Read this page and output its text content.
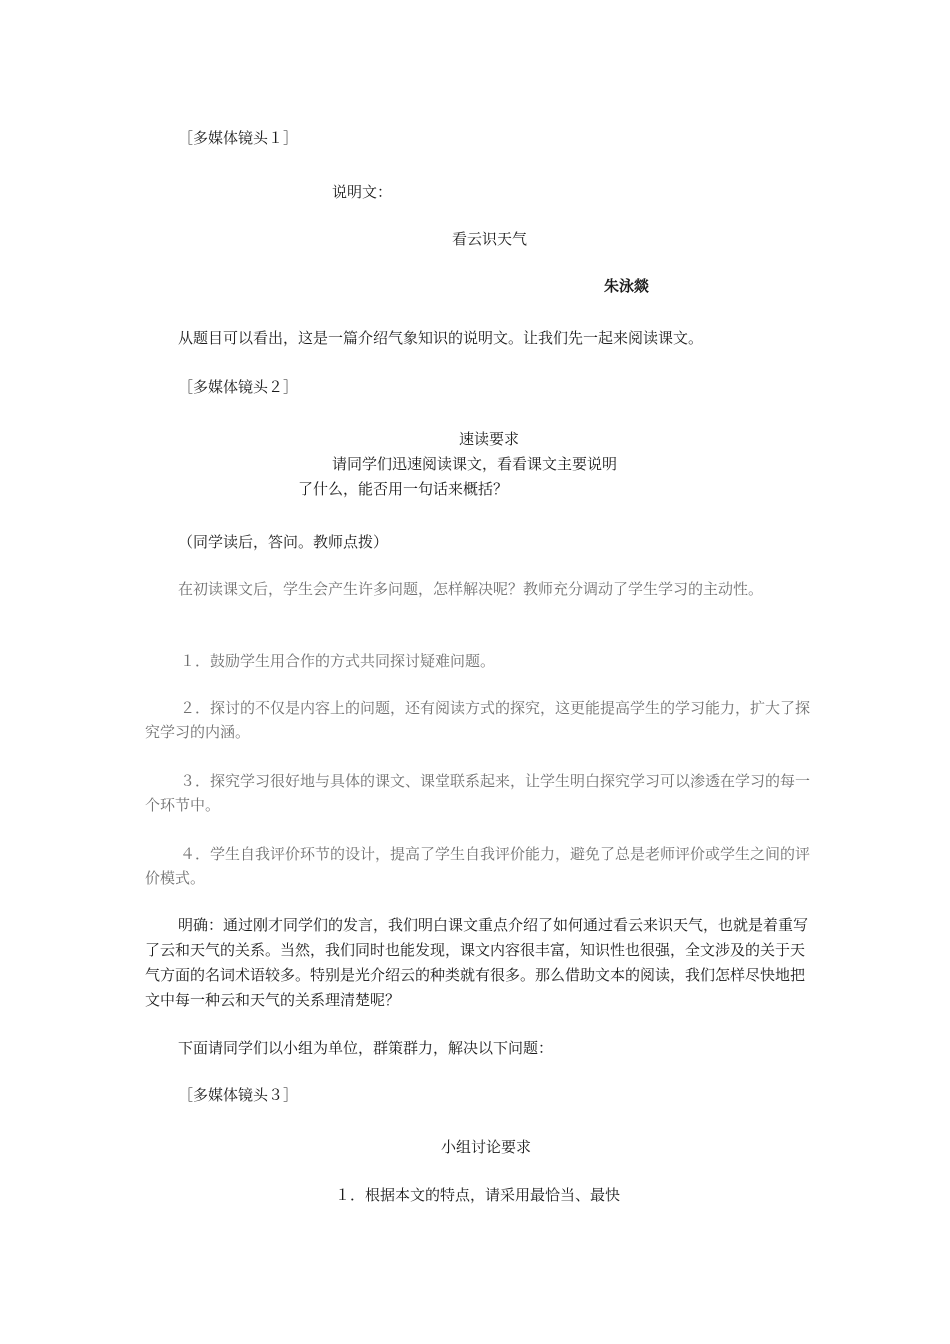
［多媒体镜头１］
说明文：
看云识天气
朱泳燚
从题目可以看出，这是一篇介绍气象知识的说明文。让我们先一起来阅读课文。
［多媒体镜头２］
速读要求
请同学们迅速阅读课文，看看课文主要说明
了什么，能否用一句话来概括？
（同学读后，答问。教师点拨）
在初读课文后，学生会产生许多问题，怎样解决呢？教师充分调动了学生学习的主动性。
１．鼓励学生用合作的方式共同探讨疑难问题。
２．探讨的不仅是内容上的问题，还有阅读方式的探究，这更能提高学生的学习能力，扩大了探究学习的内涵。
３．探究学习很好地与具体的课文、课堂联系起来，让学生明白探究学习可以渗透在学习的每一个环节中。
４．学生自我评价环节的设计，提高了学生自我评价能力，避免了总是老师评价或学生之间的评价模式。
明确：通过刚才同学们的发言，我们明白课文重点介绍了如何通过看云来识天气，也就是着重写了云和天气的关系。当然，我们同时也能发现，课文内容很丰富，知识性也很强，全文涉及的关于天气方面的名词术语较多。特别是光介绍云的种类就有很多。那么借助文本的阅读，我们怎样尽快地把文中每一种云和天气的关系理清楚呢？
下面请同学们以小组为单位，群策群力，解决以下问题：
［多媒体镜头３］
小组讨论要求
１．根据本文的特点，请采用最恰当、最快
